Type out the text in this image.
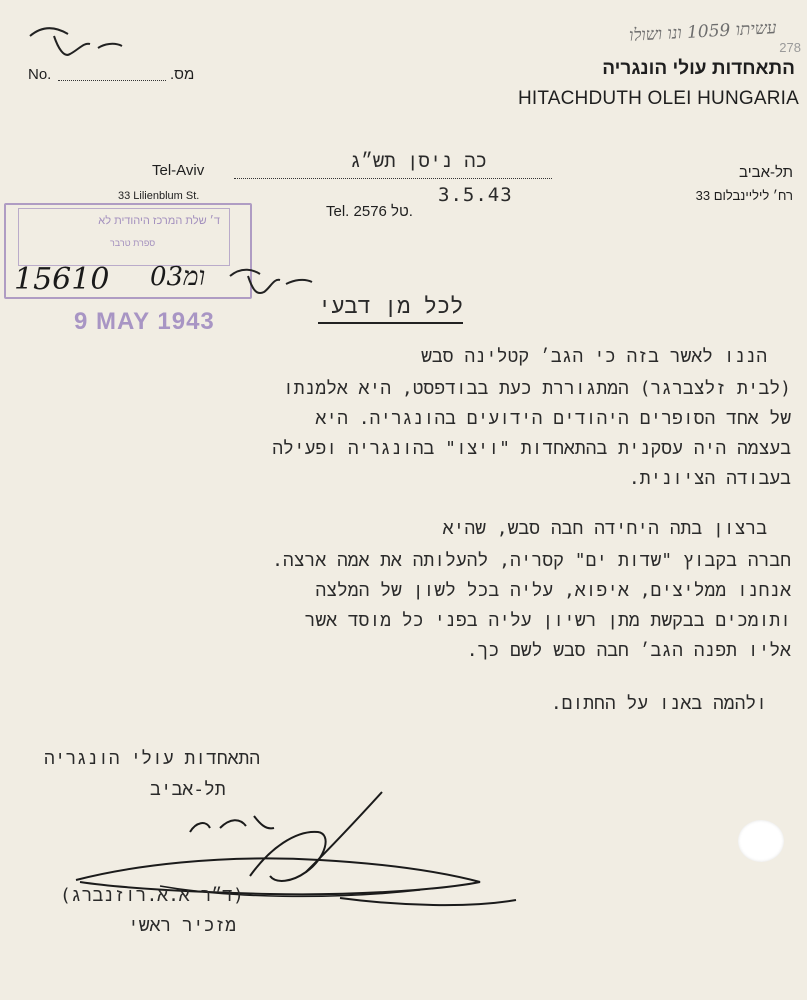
התאחדות עולי הונגריה
HITACHDUTH OLEI HUNGARIA
No.	מס.
עשיתו 1059 ונו ושולו
278
Tel-Aviv
33 Lilienblum St.
כה ניסן תש״ג
3.5.43
תל-אביב
רח׳ ליליינבלום 33
Tel. 2576 טל.
ד׳ שלת המרכז היהודית לא
ספרת טרבר
9 MAY 1943
15610 ומ03
לכל מן דבעי
הננו לאשר בזה כי הגב׳ קטלינה סבש
(לבית זלצברגר) המתגוררת כעת בבודפסט, היא אלמנתו
של אחד הסופרים היהודים הידועים בהונגריה. היא
בעצמה היה עסקנית בהתאחדות "ויצו" בהונגריה ופעילה
בעבודה הציונית.
ברצון בתה היחידה חבה סבש, שהיא
חברה בקבוץ "שדות ים" קסריה, להעלותה את אמה ארצה.
אנחנו ממליצים, איפוא, עליה בכל לשון של המלצה
ותומכים בבקשת מתן רשיון עליה בפני כל מוסד אשר
אליו תפנה הגב׳ חבה סבש לשם כך.
ולהמה באנו על החתום.
התאחדות עולי הונגריה
תל-אביב
(ד״ר א.א.רוזנברג)
מזכיר ראשי
